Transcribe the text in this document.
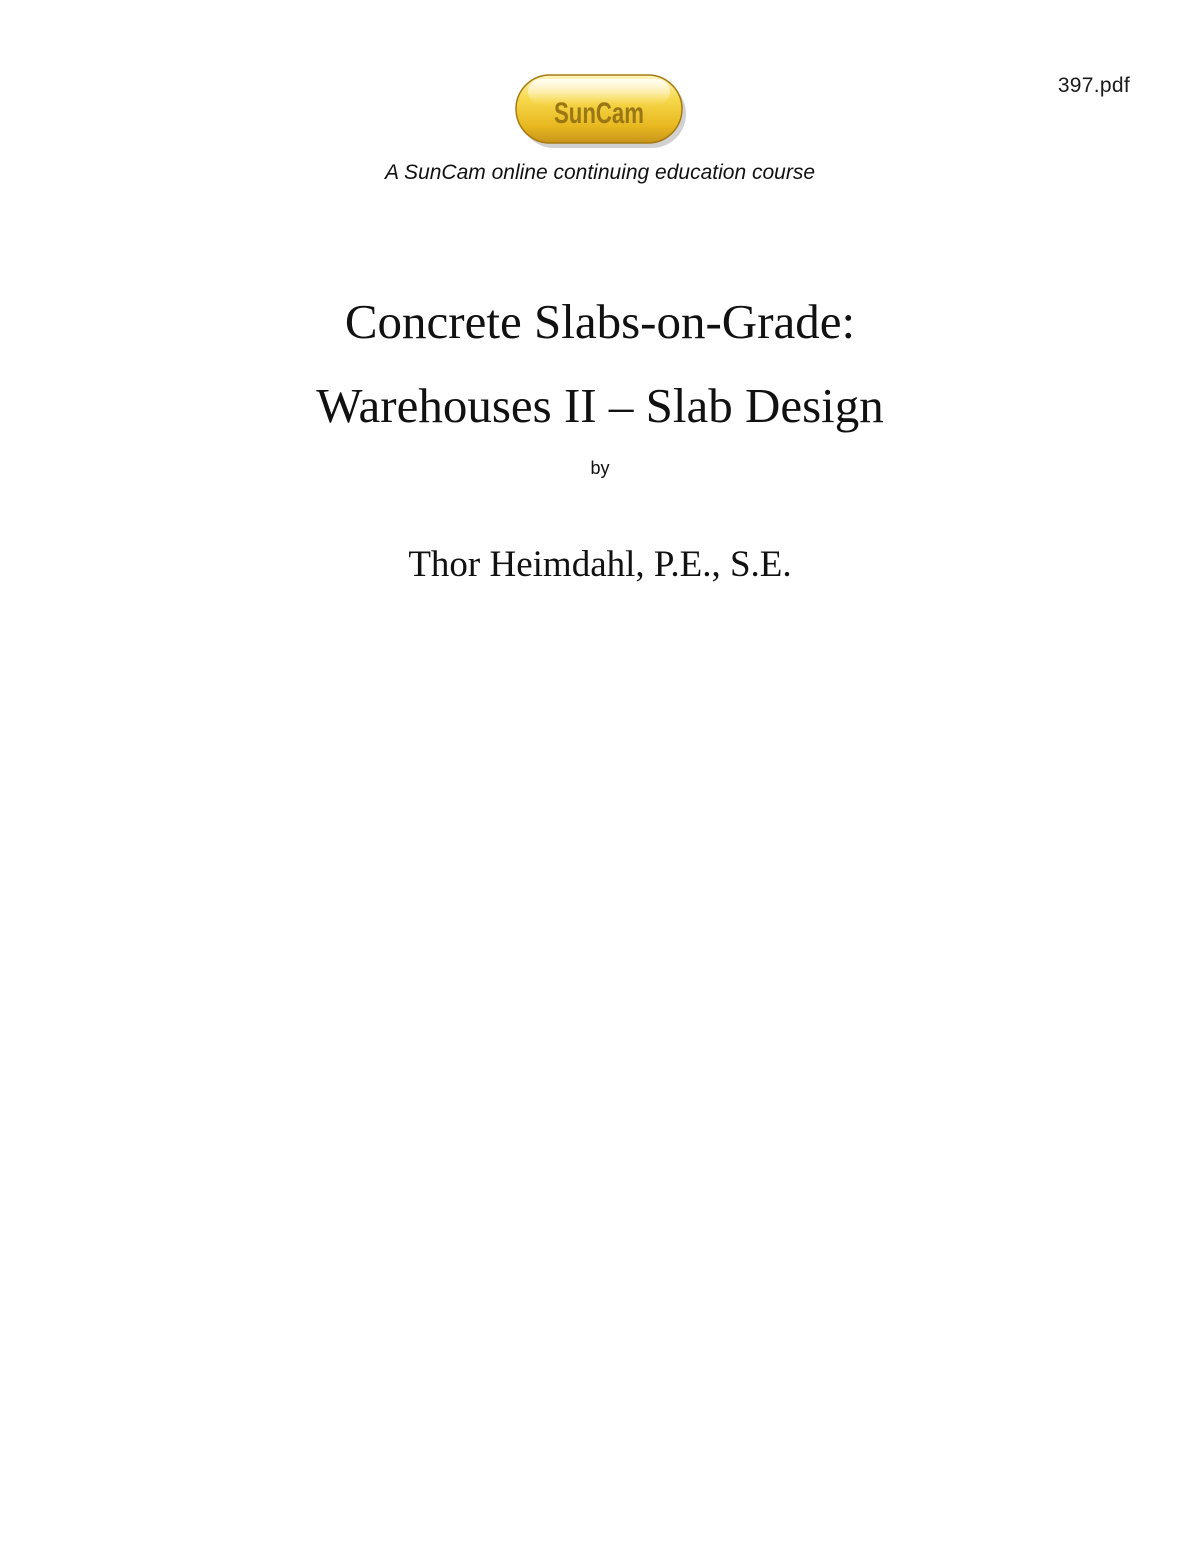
397.pdf
SunCam
A SunCam online continuing education course
Concrete Slabs-on-Grade:
Warehouses II – Slab Design
by
Thor Heimdahl, P.E., S.E.
